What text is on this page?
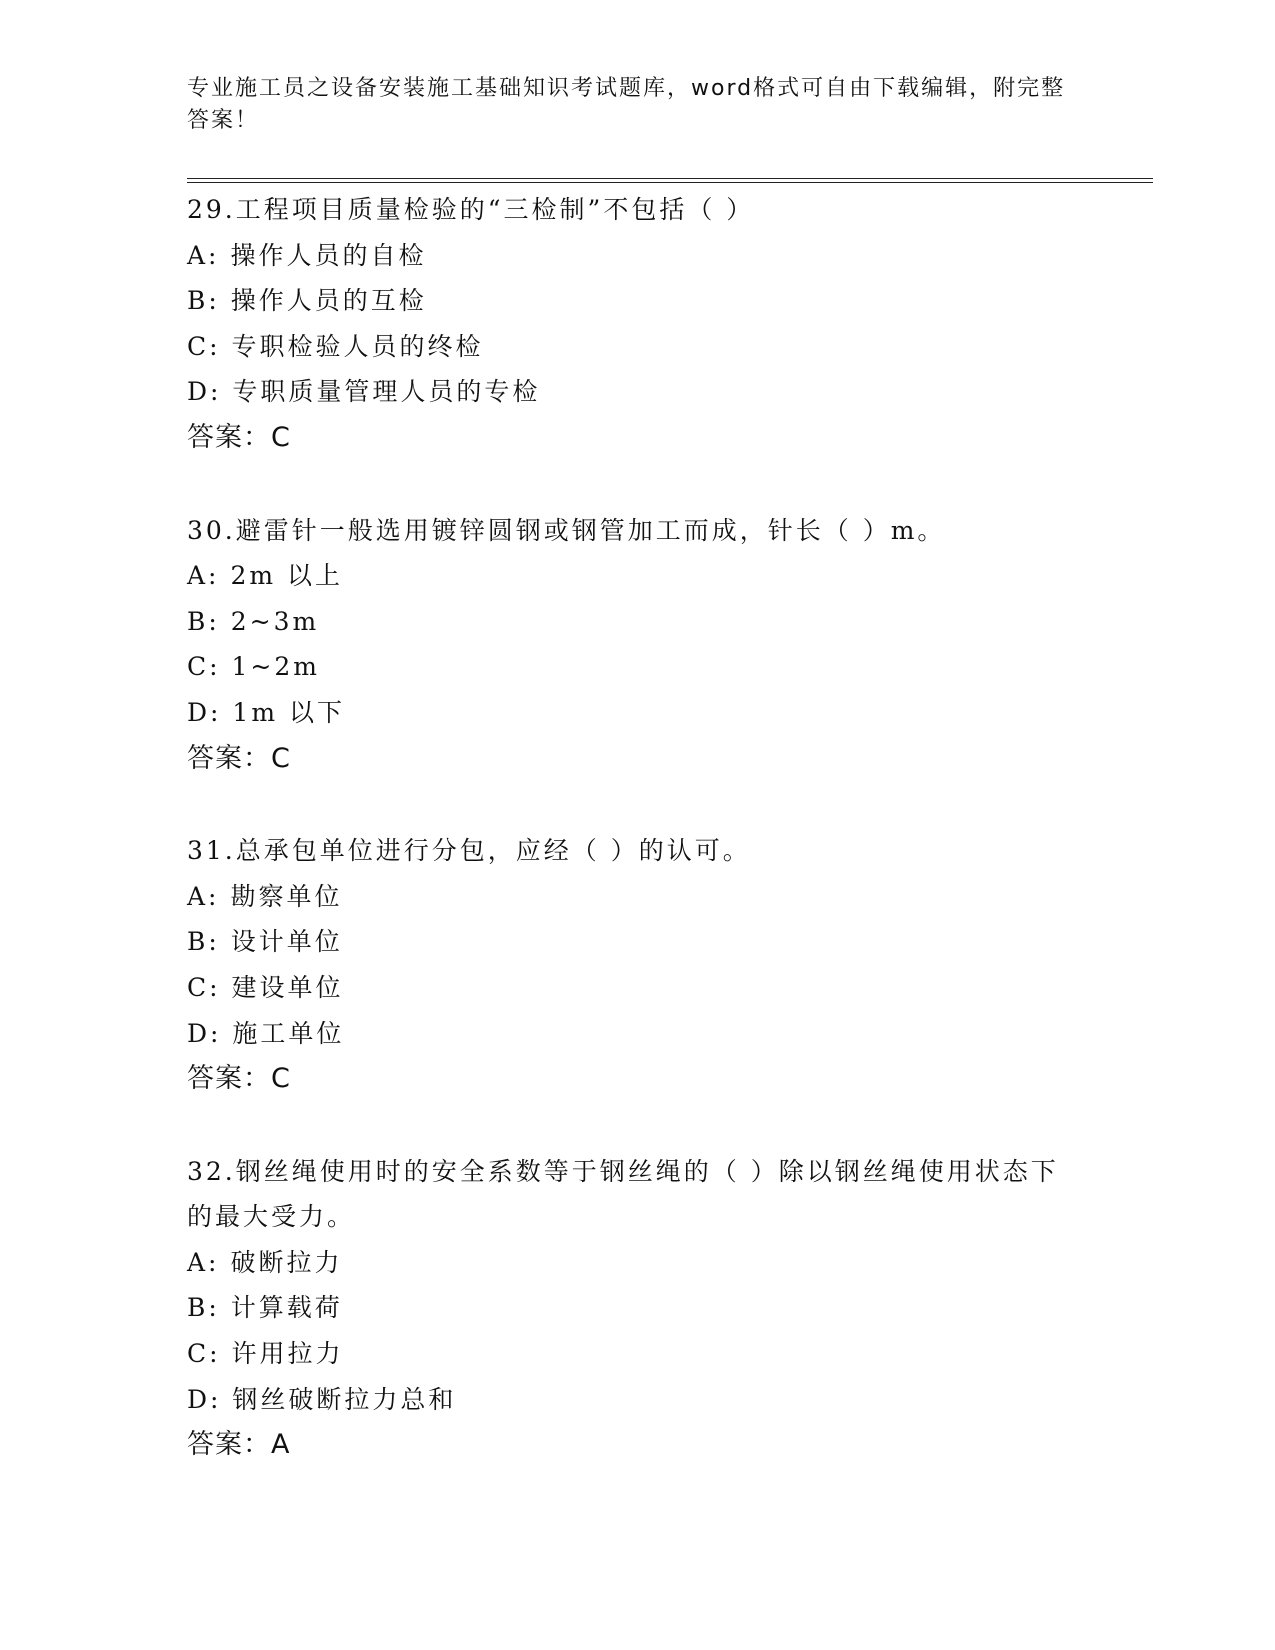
专业施工员之设备安装施工基础知识考试题库，word格式可自由下载编辑，附完整答案！
29.工程项目质量检验的“三检制”不包括（ ）
A: 操作人员的自检
B: 操作人员的互检
C: 专职检验人员的终检
D: 专职质量管理人员的专检
答案：C
30.避雷针一般选用镀锌圆钢或钢管加工而成，针长（ ）m。
A: 2m 以上
B: 2~3m
C: 1~2m
D: 1m 以下
答案：C
31.总承包单位进行分包，应经（ ）的认可。
A: 勘察单位
B: 设计单位
C: 建设单位
D: 施工单位
答案：C
32.钢丝绳使用时的安全系数等于钢丝绳的（ ）除以钢丝绳使用状态下的最大受力。
A: 破断拉力
B: 计算载荷
C: 许用拉力
D: 钢丝破断拉力总和
答案：A
